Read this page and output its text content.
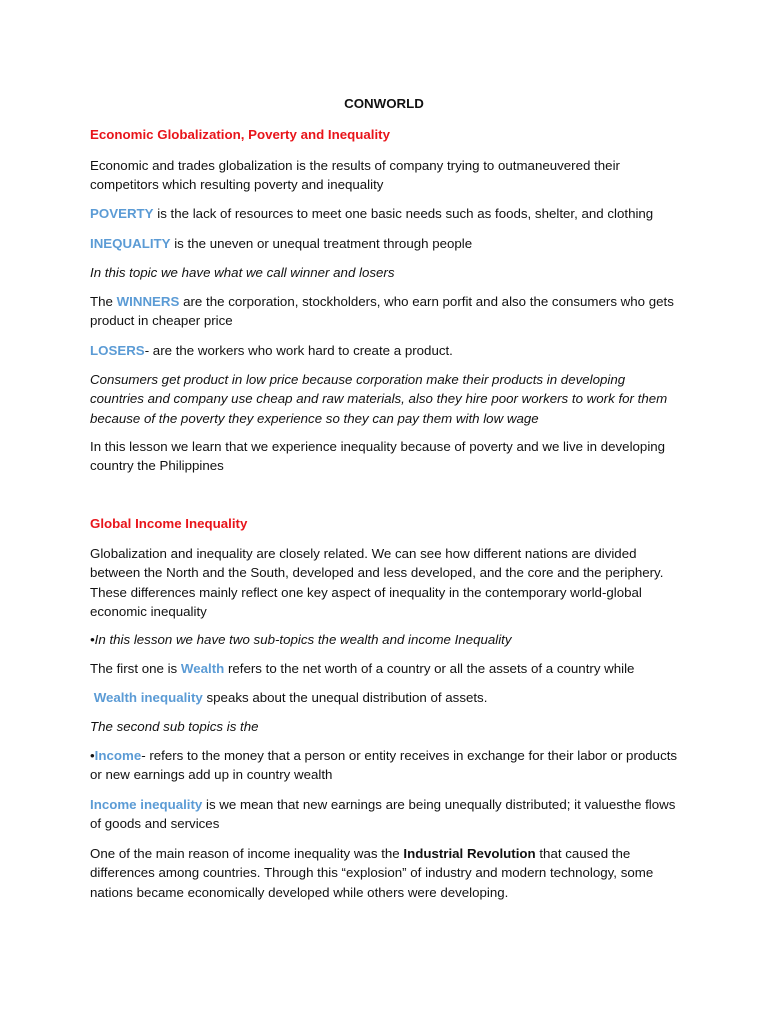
CONWORLD

Economic Globalization, Poverty and Inequality

Economic and trades globalization is the results of company trying to outmaneuvered their competitors which resulting poverty and inequality

POVERTY is the lack of resources to meet one basic needs such as foods, shelter, and clothing

INEQUALITY is the uneven or unequal treatment through people

In this topic we have what we call winner and losers

The WINNERS are the corporation, stockholders, who earn porfit and also the consumers who gets product in cheaper price

LOSERS- are the workers who work hard to create a product.

Consumers get product in low price because corporation make their products in developing countries and company use cheap and raw materials, also they hire poor workers to work for them because of the poverty they experience so they can pay them with low wage

In this lesson we learn that we experience inequality because of poverty and we live in developing country the Philippines

Global Income Inequality

Globalization and inequality are closely related. We can see how different nations are divided between the North and the South, developed and less developed, and the core and the periphery. These differences mainly reflect one key aspect of inequality in the contemporary world-global economic inequality

•In this lesson we have two sub-topics the wealth and income Inequality

The first one is Wealth refers to the net worth of a country or all the assets of a country while

Wealth inequality speaks about the unequal distribution of assets.

The second sub topics is the

•Income- refers to the money that a person or entity receives in exchange for their labor or products or new earnings add up in country wealth

Income inequality is we mean that new earnings are being unequally distributed; it valuesthe flows of goods and services

One of the main reason of income inequality was the Industrial Revolution that caused the differences among countries. Through this “explosion” of industry and modern technology, some nations became economically developed while others were developing.
